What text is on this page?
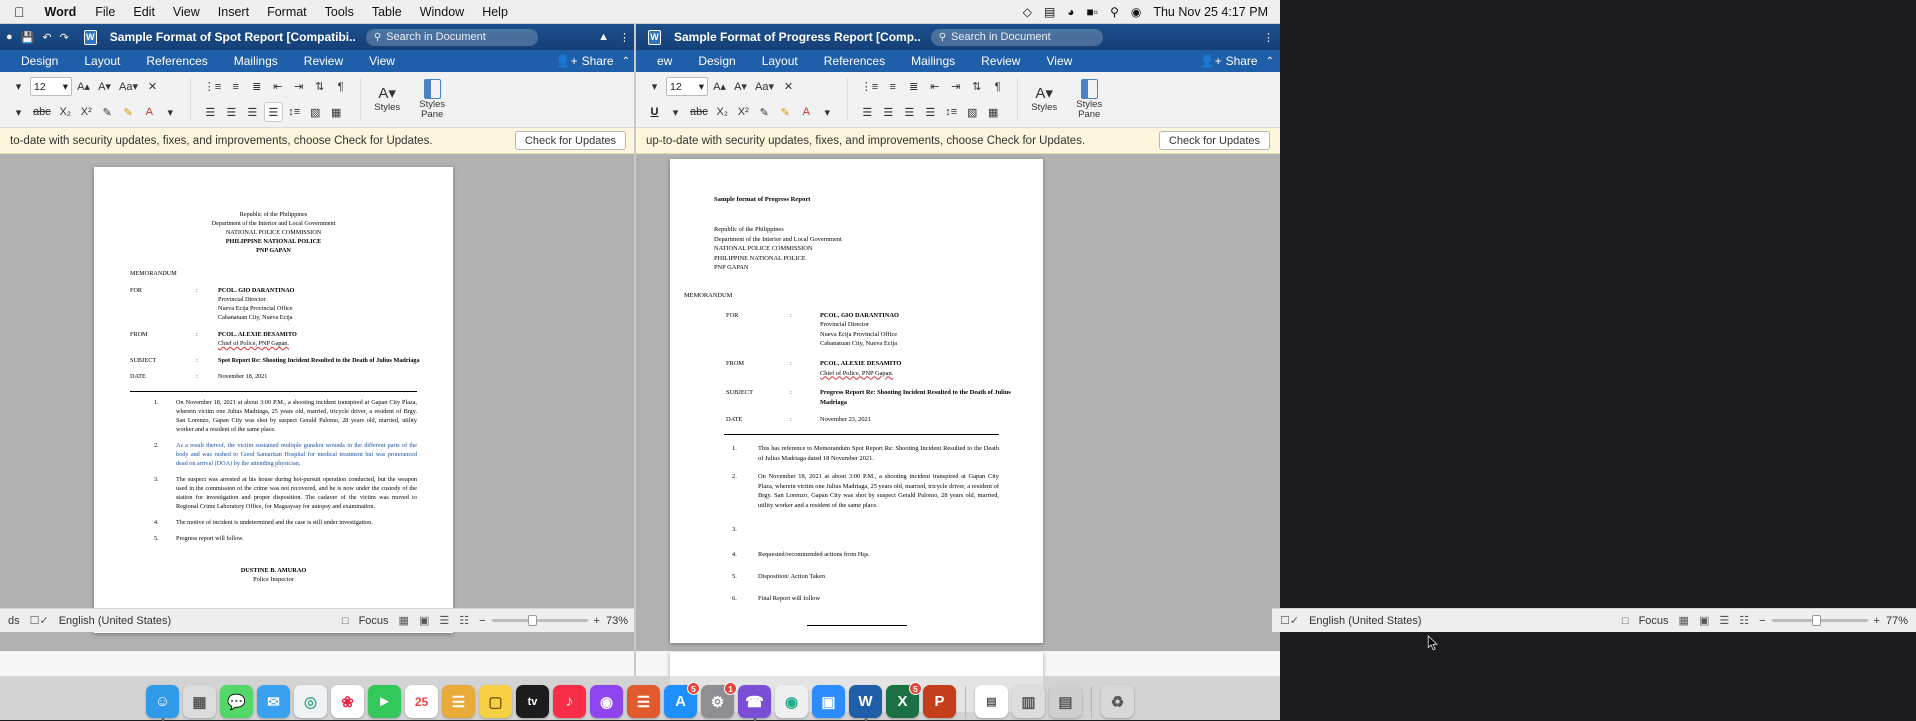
Word	File	Edit	View	Insert	Format	Tools	Table	Window	Help	◇ ▤ ◕ ■▫ ⚲ ◉ Thu Nov 25 4:17 PM
● 💾 ↶ ↷ W Sample Format of Spot Report [Compatibi.. ⚲ Search in Document	▲ ⋮
Design	Layout	References	Mailings	Review	View	👤+ Share ⌃
▾	12 ▾ A▴ A▾ Aa▾ ✕
▾	abc X₂ X² ✎	✎	A	▾
⋮≡	≡	≣	⇤	⇥	⇅	¶
☰	☰	☰	☰ ↕≡ ▧ ▦
A▾
Styles	Styles Pane
to-date with security updates, fixes, and improvements, choose Check for Updates.	Check for Updates
Republic of the Philippines
Department of the Interior and Local Government
NATIONAL POLICE COMMISSION
PHILIPPINE NATIONAL POLICE
PNP GAPAN
MEMORANDUM
FOR	:	PCOL. GIO DARANTINAO
Provincial Director
Nueva Ecija Provincial Office
Cabanatuan City, Nueva Ecija
FROM	:	PCOL. ALEXIE DESAMITO
Chief of Police, PNP Gapan.
SUBJECT	:	Spot Report Re: Shooting Incident Resulted to the Death of Julius Madriaga
DATE	:	November 18, 2021
1.	On November 18, 2021 at about 3:00 P.M., a shooting incident transpired at Gapan City Plaza, wherein victim one Julius Madriaga, 25 years old, married, tricycle driver, a resident of Brgy. San Lorenzo, Gapan City was shot by suspect Gerald Palomo, 28 years old, married, utility worker and a resident of the same place.
2.	As a result thereof, the victim sustained multiple gunshot wounds in the different parts of the body and was rushed to Good Samaritan Hospital for medical treatment but was pronounced dead on arrival (DOA) by the attending physician.
3.	The suspect was arrested at his house during hot-pursuit operation conducted, but the weapon used in the commission of the crime was not recovered, and he is now under the custody of the station for investigation and proper disposition. The cadaver of the victim was moved to Regional Crime Laboratory Office, for Magsaysay for autopsy and examination.
4.	The motive of incident is undetermined and the case is still under investigation.
5.	Progress report will follow.
DUSTINE B. AMURAO
Police Inspector
ds ☐✓ English (United States)	□ Focus ▦ ▣ ☰ ☷ −	+ 73%
W Sample Format of Progress Report [Comp.. ⚲ Search in Document	⋮
ew	Design	Layout	References	Mailings	Review	View	👤+ Share ⌃
▾	12 ▾ A▴ A▾ Aa▾ ✕
U	▾	abc X₂ X² ✎	✎	A	▾
⋮≡	≡	≣	⇤	⇥	⇅	¶
☰	☰	☰	☰ ↕≡ ▧ ▦
A▾
Styles	Styles Pane
up-to-date with security updates, fixes, and improvements, choose Check for Updates.	Check for Updates
Sample format of Progress Report
Republic of the Philippines
Department of the Interior and Local Government
NATIONAL POLICE COMMISSION
PHILIPPINE NATIONAL POLICE
PNP GAPAN
MEMORANDUM
FOR	:	PCOL. GIO DARANTINAO
Provincial Director
Nueva Ecija Provincial Office
Cabanatuan City, Nueva Ecija
FROM	:	PCOL. ALEXIE DESAMITO
Chief of Police, PNP Gapan.
SUBJECT	:	Progress Report Re: Shooting Incident Resulted to the Death of Julius Madriaga
DATE	:	November 23, 2021
1.	This has reference to Memorandum Spot Report Re: Shooting Incident Resulted to the Death of Julius Madriaga dated 18 November 2021.
2.	On November 18, 2021 at about 3:00 P.M., a shooting incident transpired at Gapan City Plaza, wherein victim one Julius Madriaga, 25 years old, married, tricycle driver, a resident of Brgy. San Lorenzo, Gapan City was shot by suspect Gerald Palomo, 28 years old, married, utility worker and a resident of the same place.
3.
4.	Requested/recommended actions from Hqs.
5.	Disposition/ Action Taken
6.	Final Report will follow
☐✓ English (United States)	□ Focus ▦ ▣ ☰ ☷ −	+ 77%
☺	▦	💬	✉	◎	❀	►	25	☰	▢	tv	♪	◉	☰	A
5
⚙
1
☎	◉	▣	W	X
5
P	▤	▥	▤	♻
